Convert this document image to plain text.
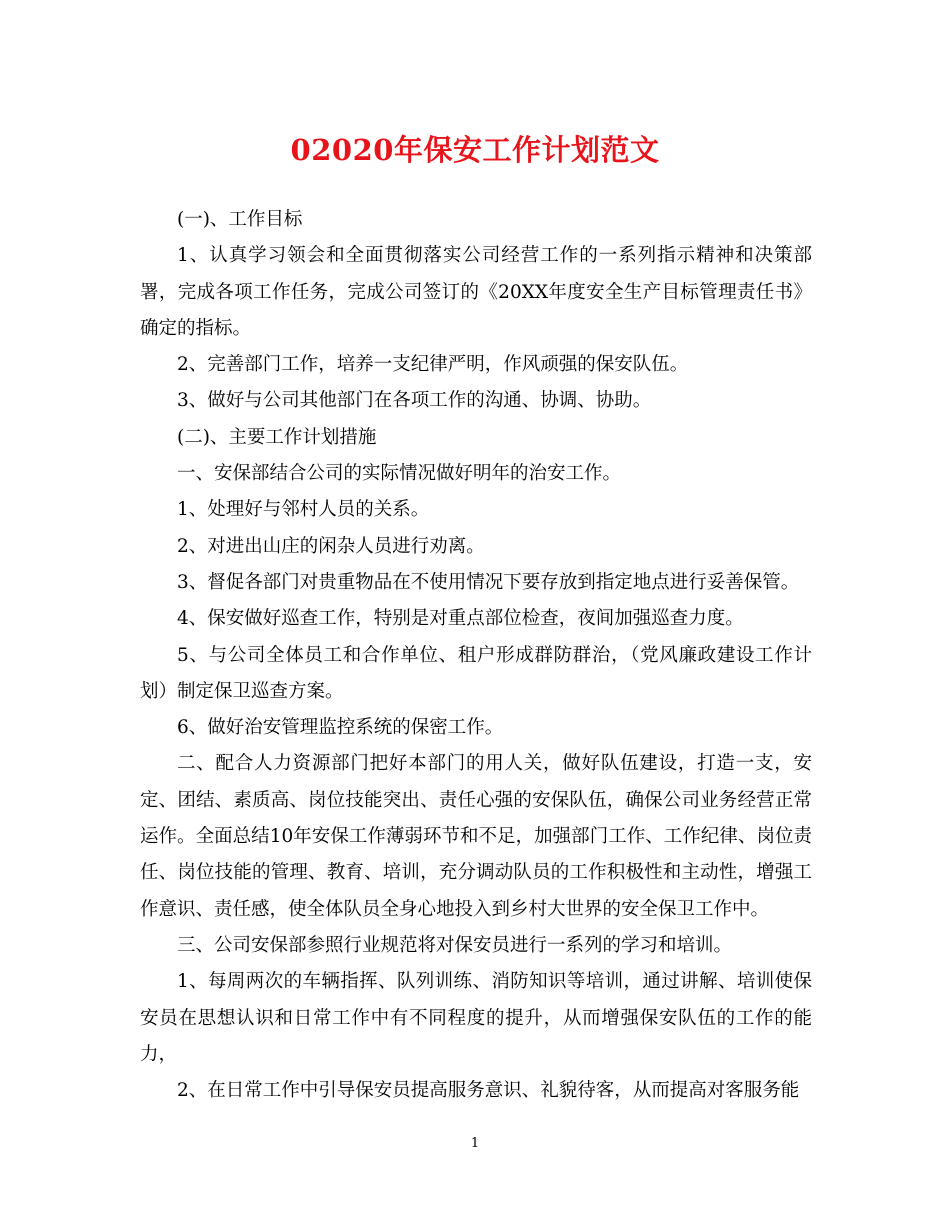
02020年保安工作计划范文

(一)、工作目标

1、认真学习领会和全面贯彻落实公司经营工作的一系列指示精神和决策部署，完成各项工作任务，完成公司签订的《20XX年度安全生产目标管理责任书》确定的指标。

2、完善部门工作，培养一支纪律严明，作风顽强的保安队伍。

3、做好与公司其他部门在各项工作的沟通、协调、协助。

(二)、主要工作计划措施

一、安保部结合公司的实际情况做好明年的治安工作。

1、处理好与邻村人员的关系。

2、对进出山庄的闲杂人员进行劝离。

3、督促各部门对贵重物品在不使用情况下要存放到指定地点进行妥善保管。

4、保安做好巡查工作，特别是对重点部位检查，夜间加强巡查力度。

5、与公司全体员工和合作单位、租户形成群防群治，（党风廉政建设工作计划）制定保卫巡查方案。

6、做好治安管理监控系统的保密工作。

二、配合人力资源部门把好本部门的用人关，做好队伍建设，打造一支，安定、团结、素质高、岗位技能突出、责任心强的安保队伍，确保公司业务经营正常运作。全面总结10年安保工作薄弱环节和不足，加强部门工作、工作纪律、岗位责任、岗位技能的管理、教育、培训，充分调动队员的工作积极性和主动性，增强工作意识、责任感，使全体队员全身心地投入到乡村大世界的安全保卫工作中。

三、公司安保部参照行业规范将对保安员进行一系列的学习和培训。

1、每周两次的车辆指挥、队列训练、消防知识等培训，通过讲解、培训使保安员在思想认识和日常工作中有不同程度的提升，从而增强保安队伍的工作的能力，

2、在日常工作中引导保安员提高服务意识、礼貌待客，从而提高对客服务能

1
